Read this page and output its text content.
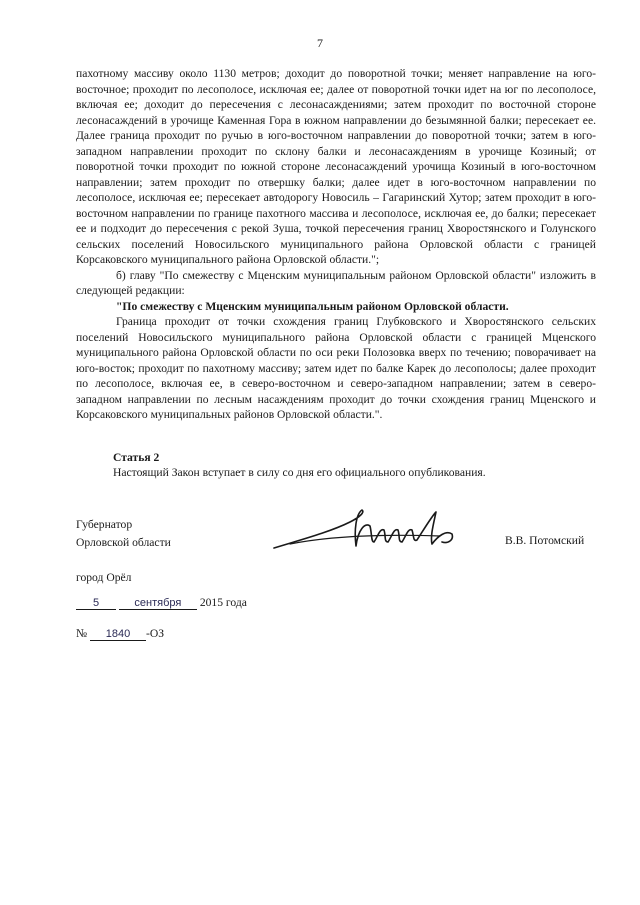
7

пахотному массиву около 1130 метров; доходит до поворотной точки; меняет направление на юго-восточное; проходит по лесополосе, исключая ее; далее от поворотной точки идет на юг по лесополосе, включая ее; доходит до пересечения с лесонасаждениями; затем проходит по восточной стороне лесонасаждений в урочище Каменная Гора в южном направлении до безымянной балки; пересекает ее. Далее граница проходит по ручью в юго-восточном направлении до поворотной точки; затем в юго-западном направлении проходит по склону балки и лесонасаждениям в урочище Козиный; от поворотной точки проходит по южной стороне лесонасаждений урочища Козиный в юго-восточном направлении; затем проходит по отвершку балки; далее идет в юго-восточном направлении по лесополосе, исключая ее; пересекает автодорогу Новосиль – Гагаринский Хутор; затем проходит в юго-восточном направлении по границе пахотного массива и лесополосе, исключая ее, до балки; пересекает ее и подходит до пересечения с рекой Зуша, точкой пересечения границ Хворостянского и Голунского сельских поселений Новосильского муниципального района Орловской области с границей Корсаковского муниципального района Орловской области.";

б) главу "По смежеству с Мценским муниципальным районом Орловской области" изложить в следующей редакции:

"По смежеству с Мценским муниципальным районом Орловской области.

Граница проходит от точки схождения границ Глубковского и Хворостянского сельских поселений Новосильского муниципального района Орловской области с границей Мценского муниципального района Орловской области по оси реки Полозовка вверх по течению; поворачивает на юго-восток; проходит по пахотному массиву; затем идет по балке Карек до лесополосы; далее проходит по лесополосе, включая ее, в северо-восточном и северо-западном направлении; затем в северо-западном направлении по лесным насаждениям проходит до точки схождения границ Мценского и Корсаковского муниципальных районов Орловской области.".

Статья 2
Настоящий Закон вступает в силу со дня его официального опубликования.
Губернатор
Орловской области	В.В. Потомский
город Орёл
5	сентября 2015 года
№ 1840 -ОЗ
